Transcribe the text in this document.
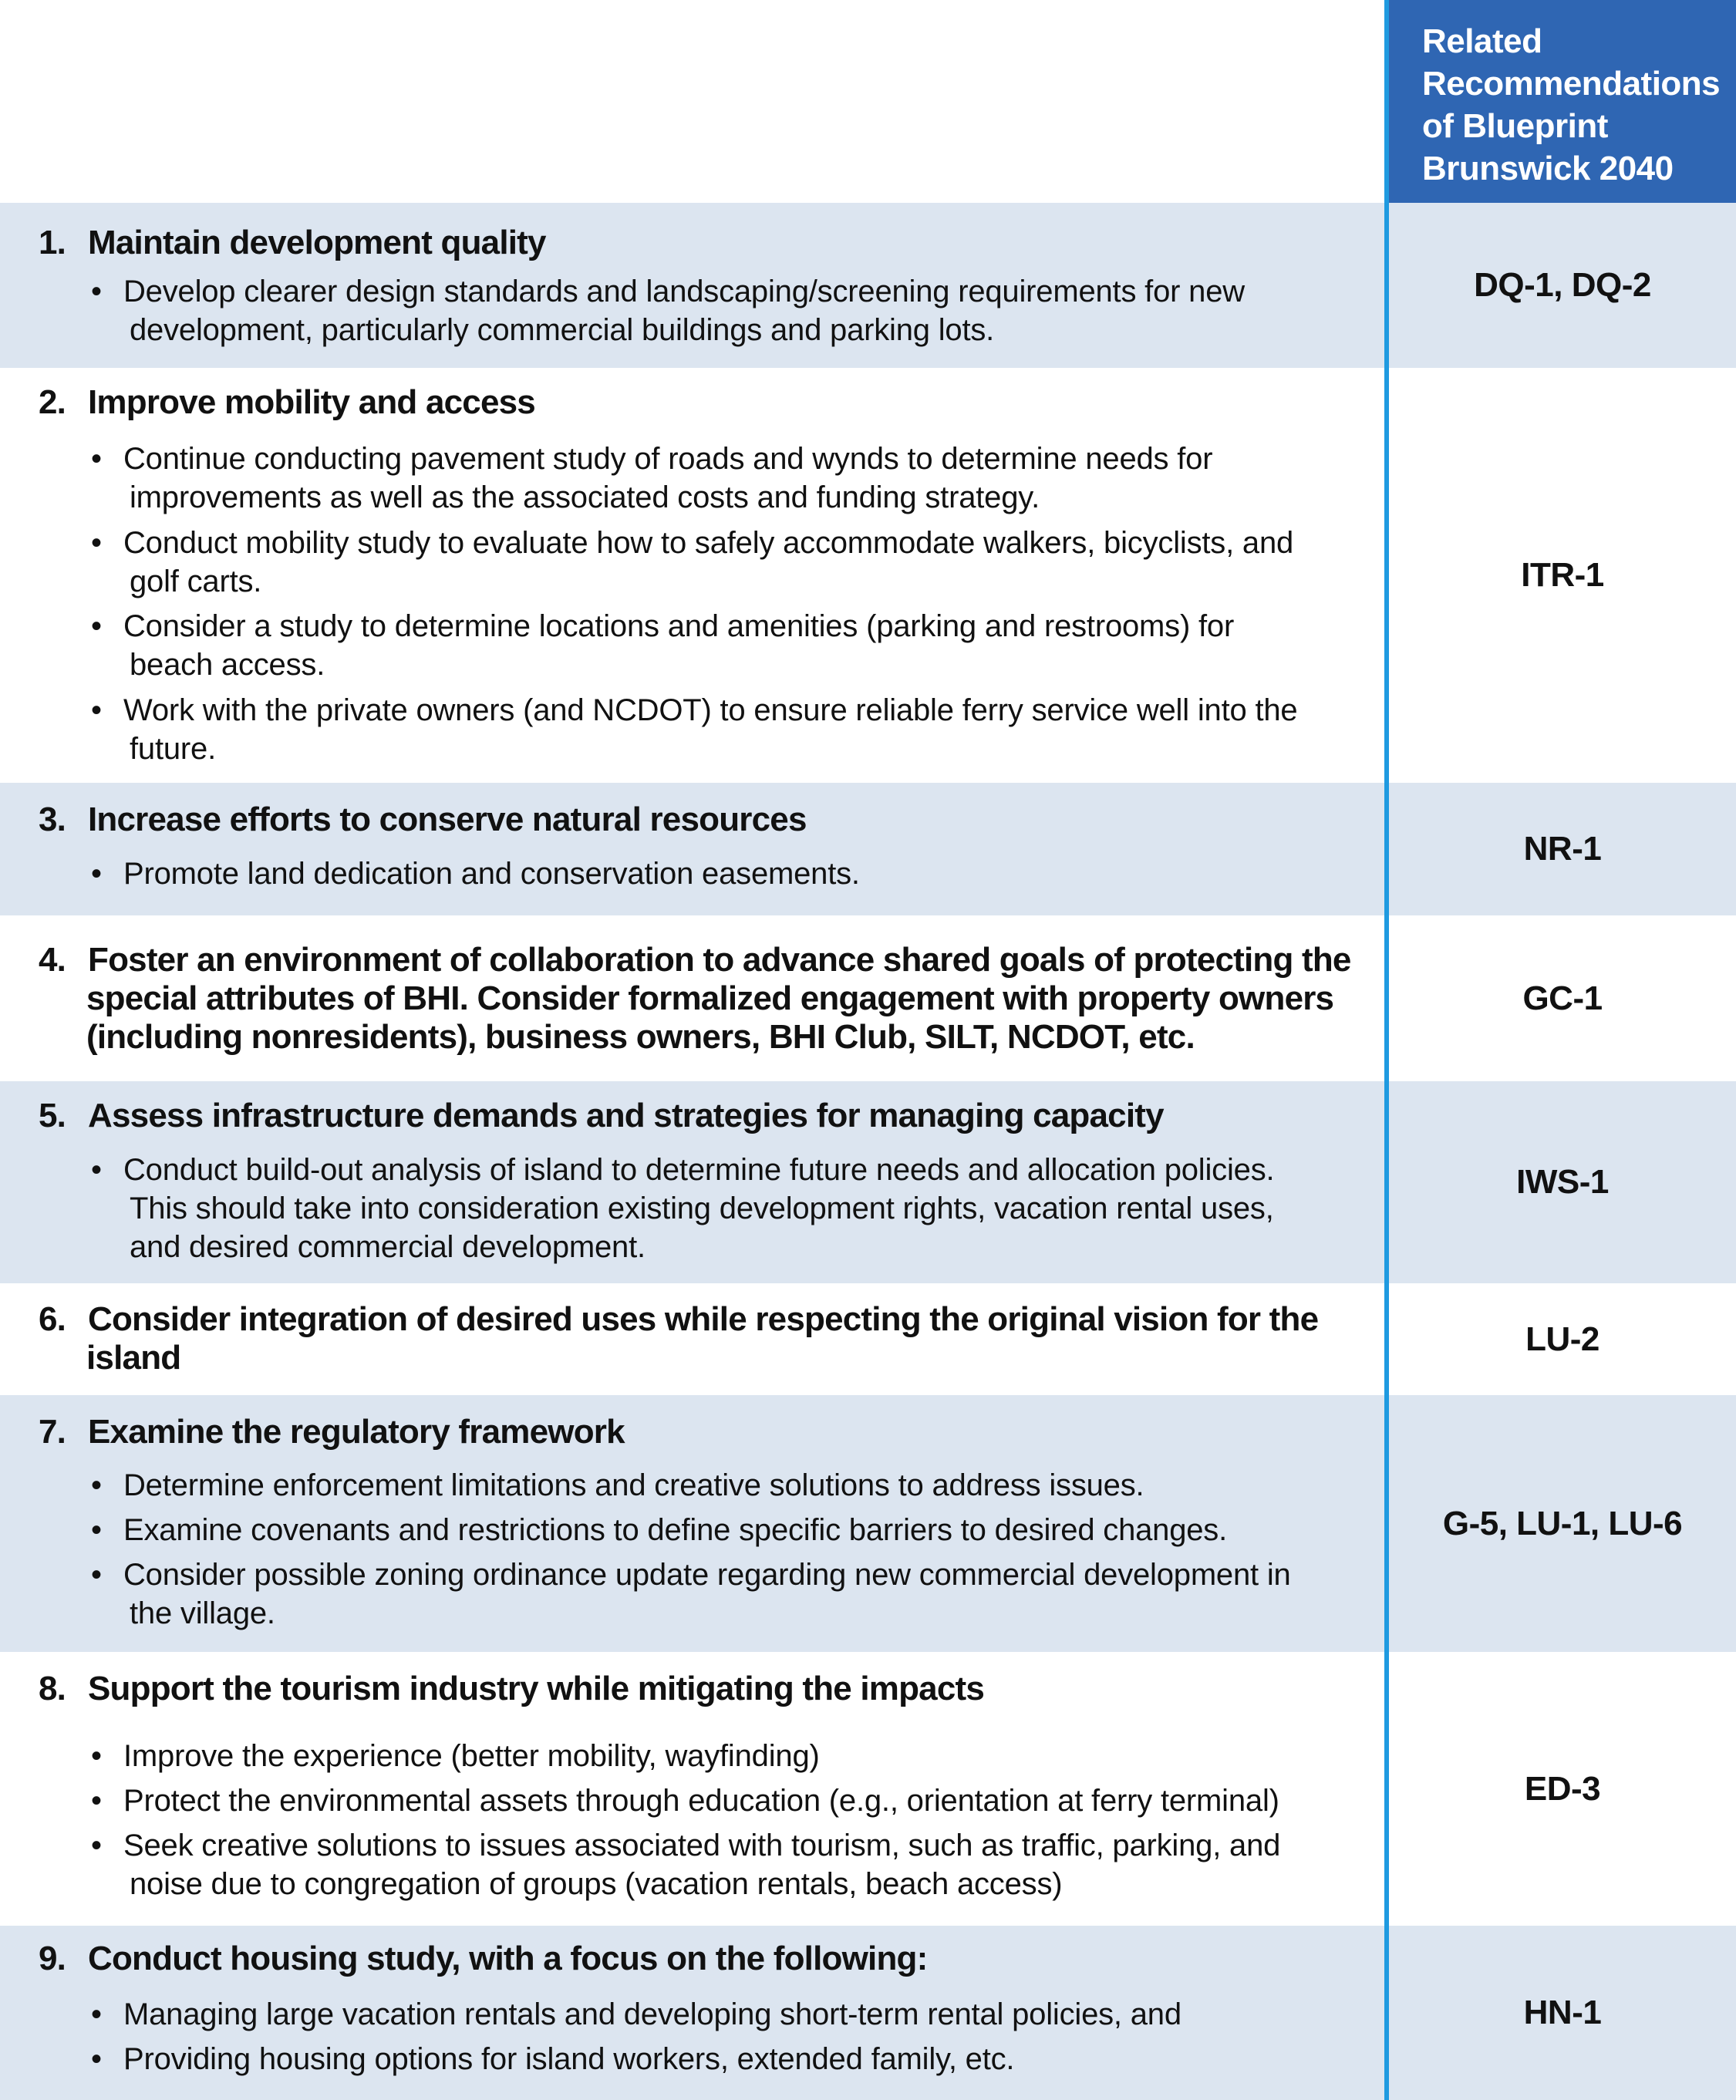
Related
Recommendations
of Blueprint
Brunswick 2040
1. Maintain development quality
• Develop clearer design standards and landscaping/screening requirements for new
development, particularly commercial buildings and parking lots.
DQ-1, DQ-2
2. Improve mobility and access
• Continue conducting pavement study of roads and wynds to determine needs for
improvements as well as the associated costs and funding strategy.
• Conduct mobility study to evaluate how to safely accommodate walkers, bicyclists, and
golf carts.
• Consider a study to determine locations and amenities (parking and restrooms) for
beach access.
• Work with the private owners (and NCDOT) to ensure reliable ferry service well into the
future.
ITR-1
3. Increase efforts to conserve natural resources
• Promote land dedication and conservation easements.
NR-1
4. Foster an environment of collaboration to advance shared goals of protecting the
special attributes of BHI. Consider formalized engagement with property owners
(including nonresidents), business owners, BHI Club, SILT, NCDOT, etc.
GC-1
5. Assess infrastructure demands and strategies for managing capacity
• Conduct build-out analysis of island to determine future needs and allocation policies.
This should take into consideration existing development rights, vacation rental uses,
and desired commercial development.
IWS-1
6. Consider integration of desired uses while respecting the original vision for the
island	LU-2
7. Examine the regulatory framework
• Determine enforcement limitations and creative solutions to address issues.
• Examine covenants and restrictions to define specific barriers to desired changes.
• Consider possible zoning ordinance update regarding new commercial development in
the village.
G-5, LU-1, LU-6
8. Support the tourism industry while mitigating the impacts
• Improve the experience (better mobility, wayfinding)
• Protect the environmental assets through education (e.g., orientation at ferry terminal)
• Seek creative solutions to issues associated with tourism, such as traffic, parking, and
noise due to congregation of groups (vacation rentals, beach access)
ED-3
9. Conduct housing study, with a focus on the following:
• Managing large vacation rentals and developing short-term rental policies, and
• Providing housing options for island workers, extended family, etc.
HN-1
